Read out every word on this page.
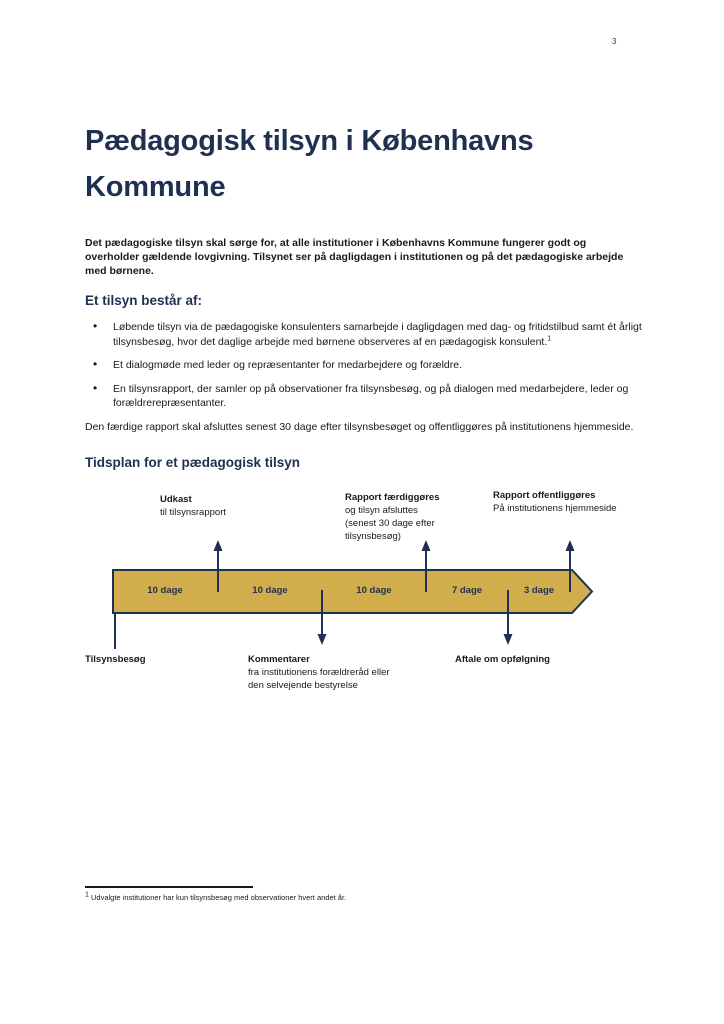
3
Pædagogisk tilsyn i Københavns
Kommune

Det pædagogiske tilsyn skal sørge for, at alle institutioner i Københavns Kommune fungerer godt og overholder gældende lovgivning. Tilsynet ser på dagligdagen i institutionen og på det pædagogiske arbejde med børnene.

Et tilsyn består af:
• Løbende tilsyn via de pædagogiske konsulenters samarbejde i dagligdagen med dag- og fritidstilbud samt ét årligt tilsynsbesøg, hvor det daglige arbejde med børnene observeres af en pædagogisk konsulent.$^1$
• Et dialogmøde med leder og repræsentanter for medarbejdere og forældre.
• En tilsynsrapport, der samler op på observationer fra tilsynsbesøg, og på dialogen med medarbejdere, leder og forældrerepræsentanter.

Den færdige rapport skal afsluttes senest 30 dage efter tilsynsbesøget og offentliggøres på institutionens hjemmeside.

Tidsplan for et pædagogisk tilsyn
Udkast
til tilsynsrapport
Rapport færdiggøres
og tilsyn afsluttes
(senest 30 dage efter
tilsynsbesøg)
Rapport offentliggøres
På institutionens hjemmeside
10 dage	10 dage	10 dage	7 dage	3 dage
Tilsynsbesøg	Kommentarer
fra institutionens forældreråd eller
den selvejende bestyrelse
Aftale om opfølgning
$^1$ Udvalgte institutioner har kun tilsynsbesøg med observationer hvert andet år.
